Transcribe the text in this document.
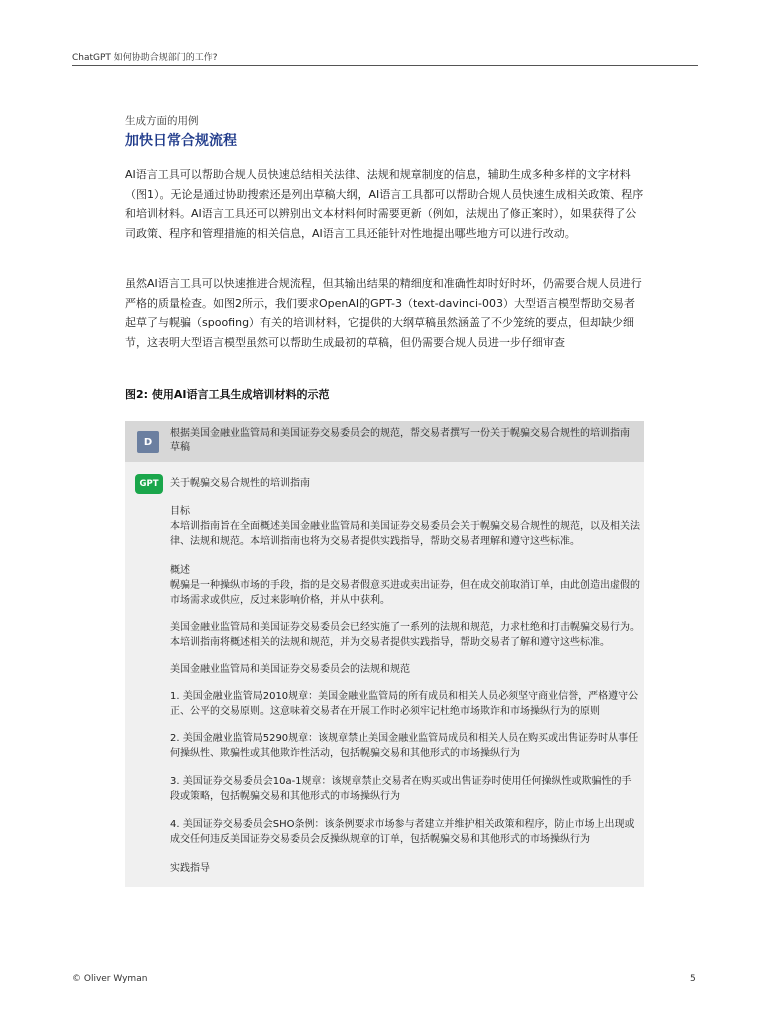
ChatGPT 如何协助合规部门的工作?
生成方面的用例
加快日常合规流程

AI语言工具可以帮助合规人员快速总结相关法律、法规和规章制度的信息，辅助生成多种多样的文字材料（图1）。无论是通过协助搜索还是列出草稿大纲，AI语言工具都可以帮助合规人员快速生成相关政策、程序和培训材料。AI语言工具还可以辨别出文本材料何时需要更新（例如，法规出了修正案时），如果获得了公司政策、程序和管理措施的相关信息，AI语言工具还能针对性地提出哪些地方可以进行改动。

虽然AI语言工具可以快速推进合规流程，但其输出结果的精细度和准确性却时好时坏，仍需要合规人员进行严格的质量检查。如图2所示，我们要求OpenAI的GPT-3（text-davinci-003）大型语言模型帮助交易者起草了与幌骗（spoofing）有关的培训材料，它提供的大纲草稿虽然涵盖了不少笼统的要点，但却缺少细节，这表明大型语言模型虽然可以帮助生成最初的草稿，但仍需要合规人员进一步仔细审查

图2: 使用AI语言工具生成培训材料的示范
D

根据美国金融业监管局和美国证券交易委员会的规范，帮交易者撰写一份关于幌骗交易合规性的培训指南草稿

GPT	关于幌骗交易合规性的培训指南

目标

本培训指南旨在全面概述美国金融业监管局和美国证券交易委员会关于幌骗交易合规性的规范，以及相关法律、法规和规范。本培训指南也将为交易者提供实践指导，帮助交易者理解和遵守这些标准。

概述

幌骗是一种操纵市场的手段，指的是交易者假意买进或卖出证券，但在成交前取消订单，由此创造出虚假的市场需求或供应，反过来影响价格，并从中获利。

美国金融业监管局和美国证券交易委员会已经实施了一系列的法规和规范，力求杜绝和打击幌骗交易行为。本培训指南将概述相关的法规和规范，并为交易者提供实践指导，帮助交易者了解和遵守这些标准。

美国金融业监管局和美国证券交易委员会的法规和规范

1. 美国金融业监管局2010规章：美国金融业监管局的所有成员和相关人员必须坚守商业信誉，严格遵守公正、公平的交易原则。这意味着交易者在开展工作时必须牢记杜绝市场欺诈和市场操纵行为的原则

2. 美国金融业监管局5290规章：该规章禁止美国金融业监管局成员和相关人员在购买或出售证券时从事任何操纵性、欺骗性或其他欺诈性活动，包括幌骗交易和其他形式的市场操纵行为

3. 美国证券交易委员会10a-1规章：该规章禁止交易者在购买或出售证券时使用任何操纵性或欺骗性的手段或策略，包括幌骗交易和其他形式的市场操纵行为

4. 美国证券交易委员会SHO条例：该条例要求市场参与者建立并维护相关政策和程序，防止市场上出现或成交任何违反美国证券交易委员会反操纵规章的订单，包括幌骗交易和其他形式的市场操纵行为

实践指导

© Oliver Wyman	5
